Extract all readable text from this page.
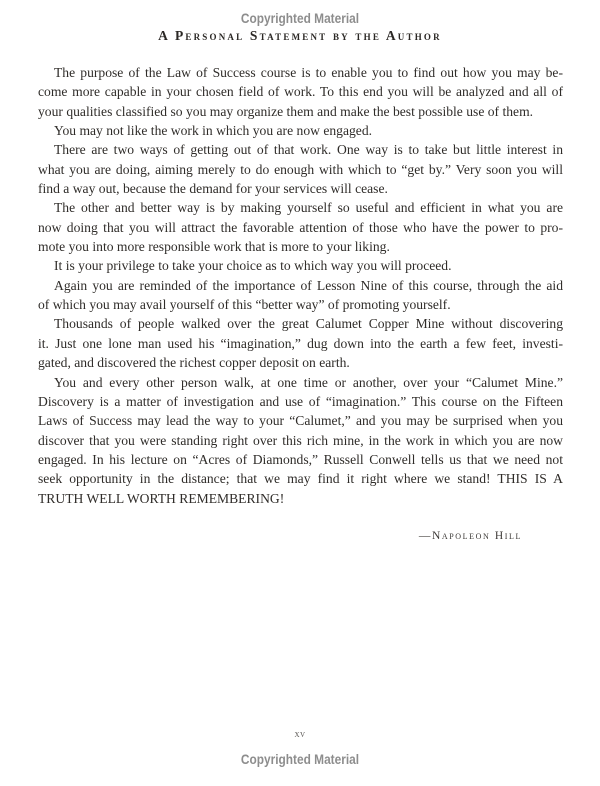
Copyrighted Material
A Personal Statement by the Author
The purpose of the Law of Success course is to enable you to find out how you may be-
come more capable in your chosen field of work. To this end you will be analyzed and all of
your qualities classified so you may organize them and make the best possible use of them.
You may not like the work in which you are now engaged.
There are two ways of getting out of that work. One way is to take but little interest in
what you are doing, aiming merely to do enough with which to “get by.” Very soon you will
find a way out, because the demand for your services will cease.
The other and better way is by making yourself so useful and efficient in what you are
now doing that you will attract the favorable attention of those who have the power to pro-
mote you into more responsible work that is more to your liking.
It is your privilege to take your choice as to which way you will proceed.
Again you are reminded of the importance of Lesson Nine of this course, through the aid
of which you may avail yourself of this “better way” of promoting yourself.
Thousands of people walked over the great Calumet Copper Mine without discovering
it. Just one lone man used his “imagination,” dug down into the earth a few feet, investi-
gated, and discovered the richest copper deposit on earth.
You and every other person walk, at one time or another, over your “Calumet Mine.”
Discovery is a matter of investigation and use of “imagination.” This course on the Fifteen
Laws of Success may lead the way to your “Calumet,” and you may be surprised when you
discover that you were standing right over this rich mine, in the work in which you are now
engaged. In his lecture on “Acres of Diamonds,” Russell Conwell tells us that we need not
seek opportunity in the distance; that we may find it right where we stand! THIS IS A
TRUTH WELL WORTH REMEMBERING!
—Napoleon Hill
xv
Copyrighted Material
